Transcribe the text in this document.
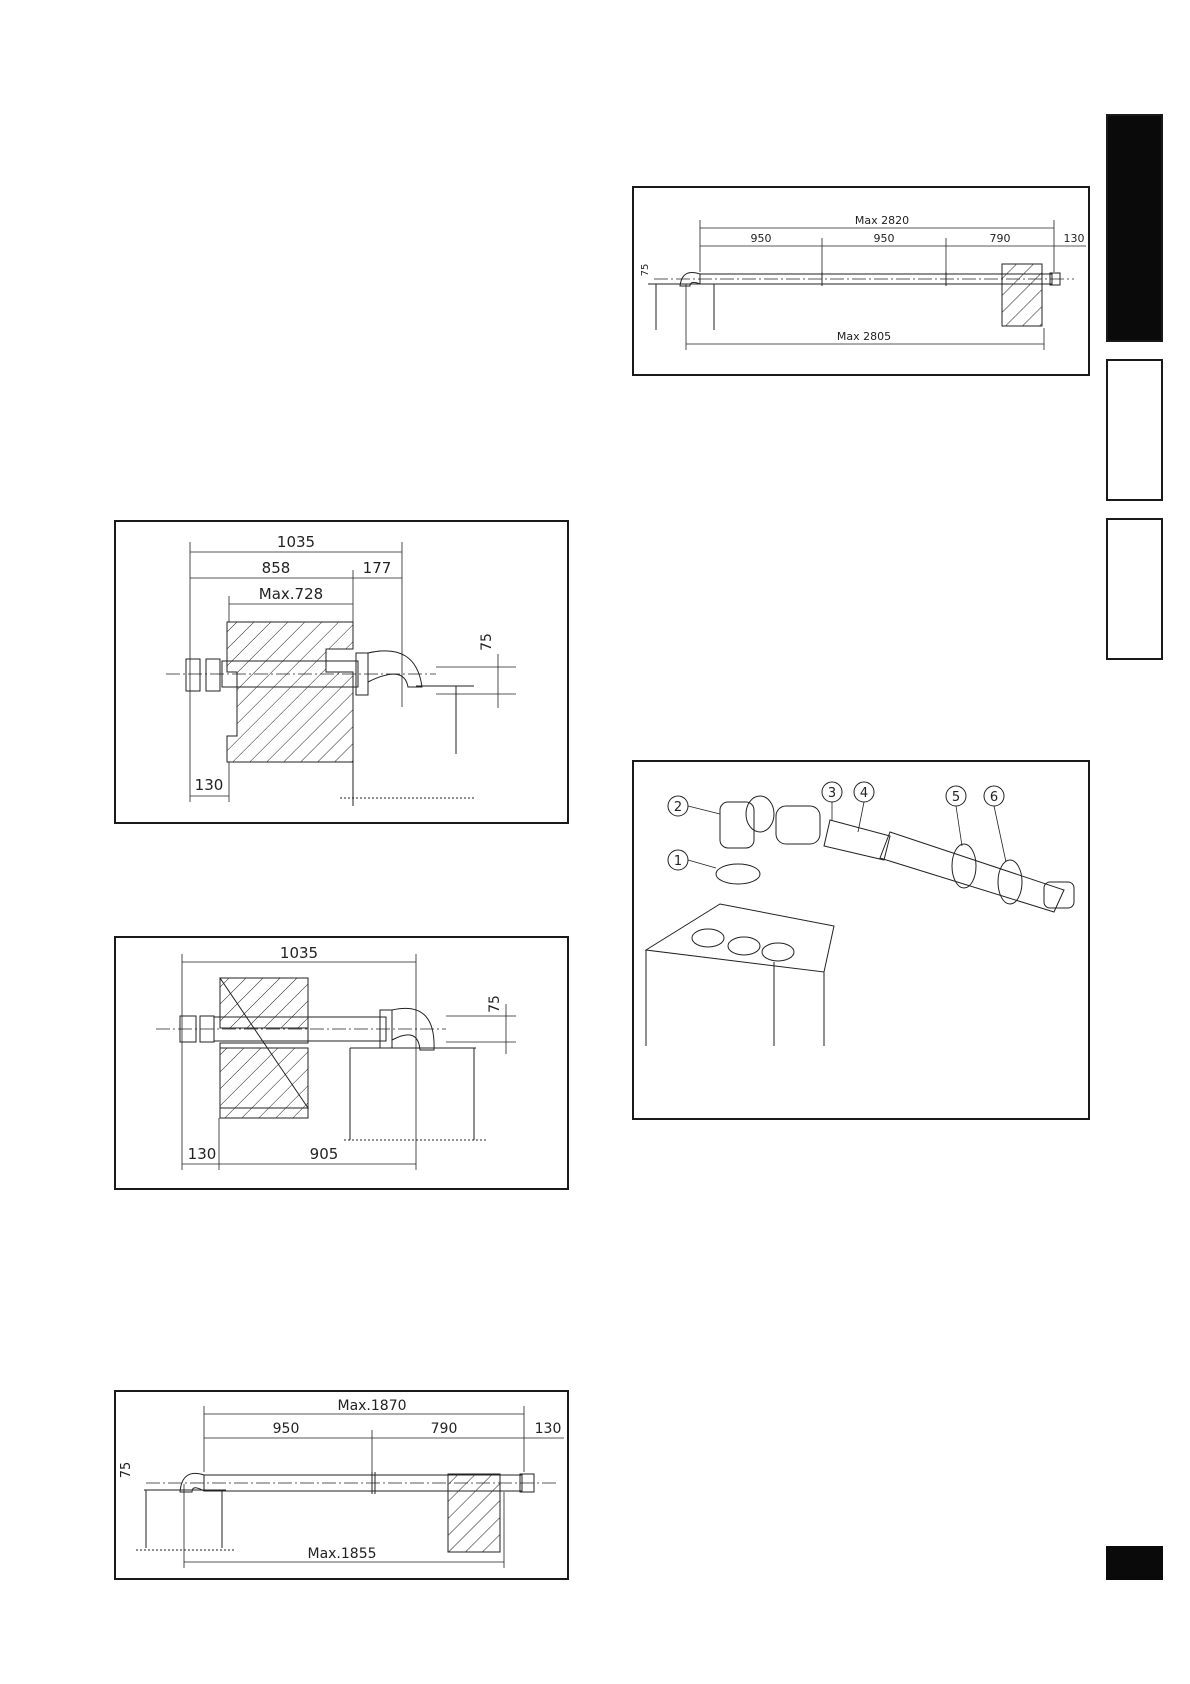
1035
858	177
Max.728
130
75
1035
130	905
75
Max.1870
950	790	130
75
Max.1855
Max 2820
950	950	790	130
75
Max 2805
1
2
3 4	5 6
